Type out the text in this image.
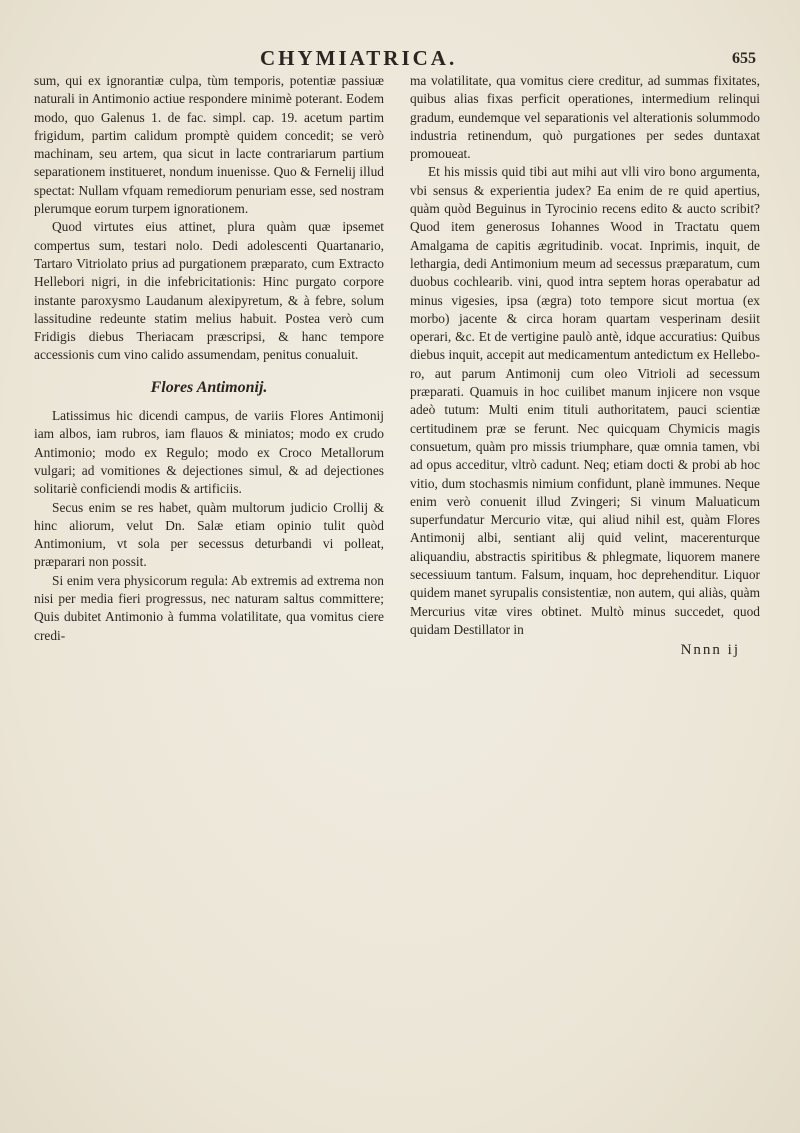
CHYMIATRICA.	655

sum, qui ex ignorantiæ culpa, tùm temporis, potentiæ passiuæ naturali in Antimonio actiue respondere minimè poterant. Eodem modo, quo Galenus 1. de fac. simpl. cap. 19. acetum partim frigidum, partim calidum promptè quidem concedit; se verò machinam, seu artem, qua sicut in lacte contrariarum partium separationem institueret, nondum inuenisse. Quo & Fernelij illud spectat: Nullam vfquam remediorum penuriam esse, sed nostram plerumque eorum turpem ignorationem.

Quod virtutes eius attinet, plura quàm quæ ipsemet compertus sum, testari nolo. Dedi adolescenti Quartanario, Tartaro Vitriolato prius ad purgationem præparato, cum Extracto Hellebori nigri, in die infebricitationis: Hinc purgato corpore instante paroxysmo Laudanum alexipyretum, & à febre, solum lassitudine redeunte statim melius habuit. Postea verò cum Fridigis diebus Theriacam præscripsi, & hanc tempore accessionis cum vino calido assumendam, penitus conualuit.

Flores Antimonij.

Latissimus hic dicendi campus, de variis Flores Antimonij iam albos, iam rubros, iam flauos & miniatos; modo ex crudo Antimonio; modo ex Regulo; modo ex Croco Metallorum vulgari; ad vomitiones & dejectiones simul, & ad dejectiones solitariè conficiendi modis & artificiis.

Secus enim se res habet, quàm multorum judicio Crollij & hinc aliorum, velut Dn. Salæ etiam opinio tulit quòd Antimonium, vt sola per secessus deturbandi vi polleat, præparari non possit.

Si enim vera physicorum regula: Ab extremis ad extrema non nisi per media fieri progressus, nec naturam saltus committere; Quis dubitet Antimonio à fumma volatilitate, qua vomitus ciere credi-

ma volatilitate, qua vomitus ciere creditur, ad summas fixitates, quibus alias fixas perficit operationes, intermedium relinqui gradum, eundemque vel separationis vel alterationis solummodo industria retinendum, quò purgationes per sedes duntaxat promoueat.

Et his missis quid tibi aut mihi aut vlli viro bono argumenta, vbi sensus & experientia judex? Ea enim de re quid apertius, quàm quòd Beguinus in Tyrocinio recens edito & aucto scribit? Quod item generosus Iohannes Wood in Tractatu quem Amalgama de capitis ægritudinib. vocat. Inprimis, inquit, de lethargia, dedi Antimonium meum ad secessus præparatum, cum duobus cochlearib. vini, quod intra septem horas operabatur ad minus vigesies, ipsa (ægra) toto tempore sicut mortua (ex morbo) jacente & circa horam quartam vesperinam desiit operari, &c. Et de vertigine paulò antè, idque accuratius: Quibus diebus inquit, accepit aut medicamentum antedictum ex Hellebo-ro, aut parum Antimonij cum oleo Vitrioli ad secessum præparati. Quamuis in hoc cuilibet manum injicere non vsque adeò tutum: Multi enim tituli authoritatem, pauci scientiæ certitudinem præ se ferunt. Nec quicquam Chymicis magis consuetum, quàm pro missis triumphare, quæ omnia tamen, vbi ad opus acceditur, vltrò cadunt. Neq; etiam docti & probi ab hoc vitio, dum stochasmis nimium confidunt, planè immunes. Neque enim verò conuenit illud Zvingeri; Si vinum Maluaticum superfundatur Mercurio vitæ, qui aliud nihil est, quàm Flores Antimonij albi, sentiant alij quid velint, macerenturque aliquandiu, abstractis spiritibus & phlegmate, liquorem manere secessiuum tantum. Falsum, inquam, hoc deprehenditur. Liquor quidem manet syrupalis consistentiæ, non autem, qui aliàs, quàm Mercurius vitæ vires obtinet. Multò minus succedet, quod quidam Destillator in

Nnnn ij
